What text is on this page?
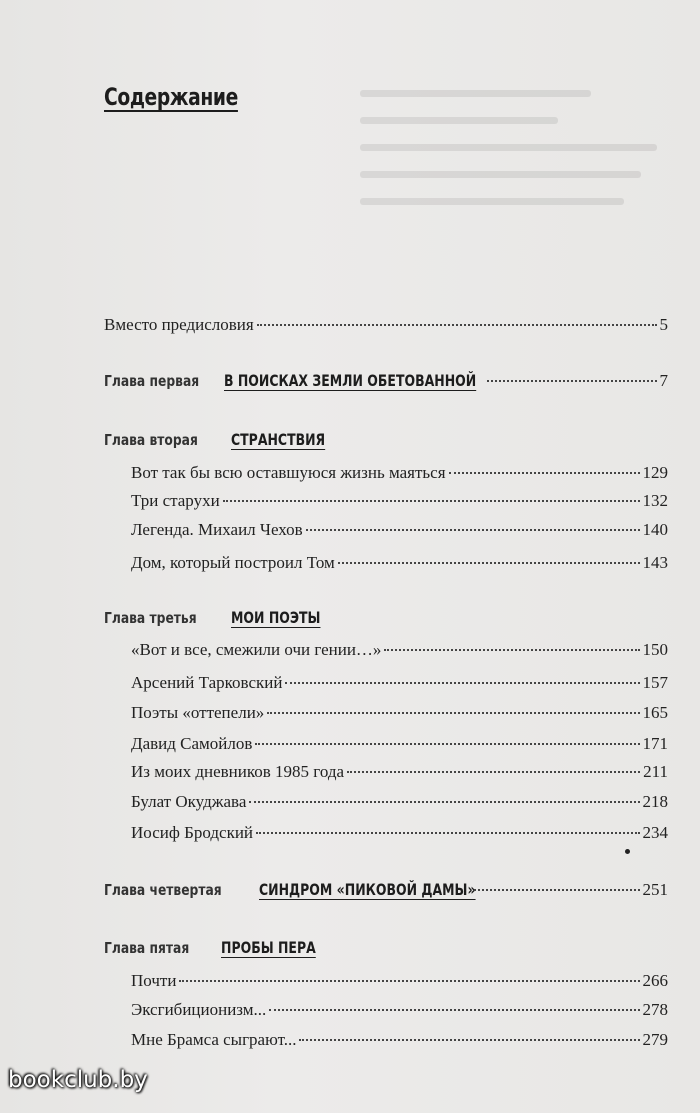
Содержание
Вместо предисловия	5
Глава первая В ПОИСКАХ ЗЕМЛИ ОБЕТОВАННОЙ	7
Глава вторая	СТРАНСТВИЯ
Вот так бы всю оставшуюся жизнь маяться	129
Три старухи	132
Легенда. Михаил Чехов	140
Дом, который построил Том	143
Глава третья	МОИ ПОЭТЫ
«Вот и все, смежили очи гении…»	150
Арсений Тарковский	157
Поэты «оттепели»	165
Давид Самойлов	171
Из моих дневников 1985 года	211
Булат Окуджава	218
Иосиф Бродский	234
Глава четвертая	СИНДРОМ «ПИКОВОЙ ДАМЫ»	251
Глава пятая	ПРОБЫ ПЕРА
Почти	266
Эксгибиционизм...	278
Мне Брамса сыграют...	279
bookclub.by
